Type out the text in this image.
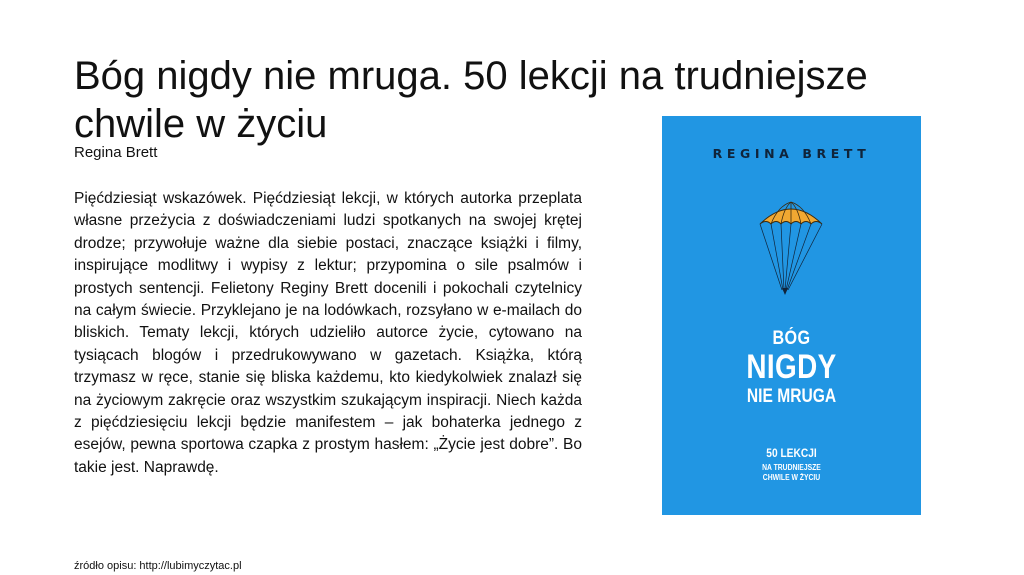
Bóg nigdy nie mruga. 50 lekcji na trudniejsze chwile w życiu
Regina Brett

Pięćdziesiąt wskazówek. Pięćdziesiąt lekcji, w których autorka przeplata własne przeżycia z doświadczeniami ludzi spotkanych na swojej krętej drodze; przywołuje ważne dla siebie postaci, znaczące książki i filmy, inspirujące modlitwy i wypisy z lektur; przypomina o sile psalmów i prostych sentencji. Felietony Reginy Brett docenili i pokochali czytelnicy na całym świecie. Przyklejano je na lodówkach, rozsyłano w e-mailach do bliskich. Tematy lekcji, których udzieliło autorce życie, cytowano na tysiącach blogów i przedrukowywano w gazetach. Książka, którą trzymasz w ręce, stanie się bliska każdemu, kto kiedykolwiek znalazł się na życiowym zakręcie oraz wszystkim szukającym inspiracji. Niech każda z pięćdziesięciu lekcji będzie manifestem – jak bohaterka jednego z esejów, pewna sportowa czapka z prostym hasłem: „Życie jest dobre”. Bo takie jest. Naprawdę.

źródło opisu: http://lubimyczytac.pl
REGINA BRETT
BÓG
NIGDY
NIE MRUGA
50 LEKCJI
NA TRUDNIEJSZE
CHWILE W ŻYCIU
